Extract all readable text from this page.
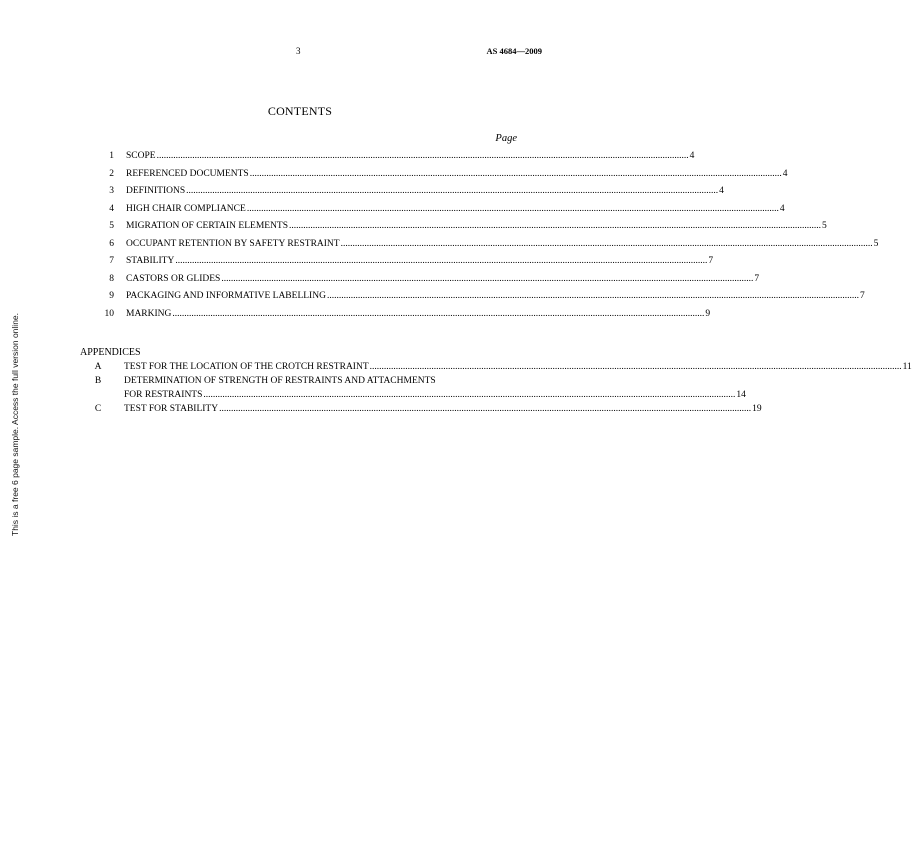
3	AS 4684—2009
This is a free 6 page sample. Access the full version online.
CONTENTS
Page
1 SCOPE .....	4
2 REFERENCED DOCUMENTS .....	4
3 DEFINITIONS .....	4
4 HIGH CHAIR COMPLIANCE .....	4
5 MIGRATION OF CERTAIN ELEMENTS .....	5
6 OCCUPANT RETENTION BY SAFETY RESTRAINT .....	5
7 STABILITY .....	7
8 CASTORS OR GLIDES .....	7
9 PACKAGING AND INFORMATIVE LABELLING .....	7
10 MARKING .....	9
APPENDICES
A TEST FOR THE LOCATION OF THE CROTCH RESTRAINT .....	11
B DETERMINATION OF STRENGTH OF RESTRAINTS AND ATTACHMENTS
FOR RESTRAINTS .....	14
C TEST FOR STABILITY .....	19
